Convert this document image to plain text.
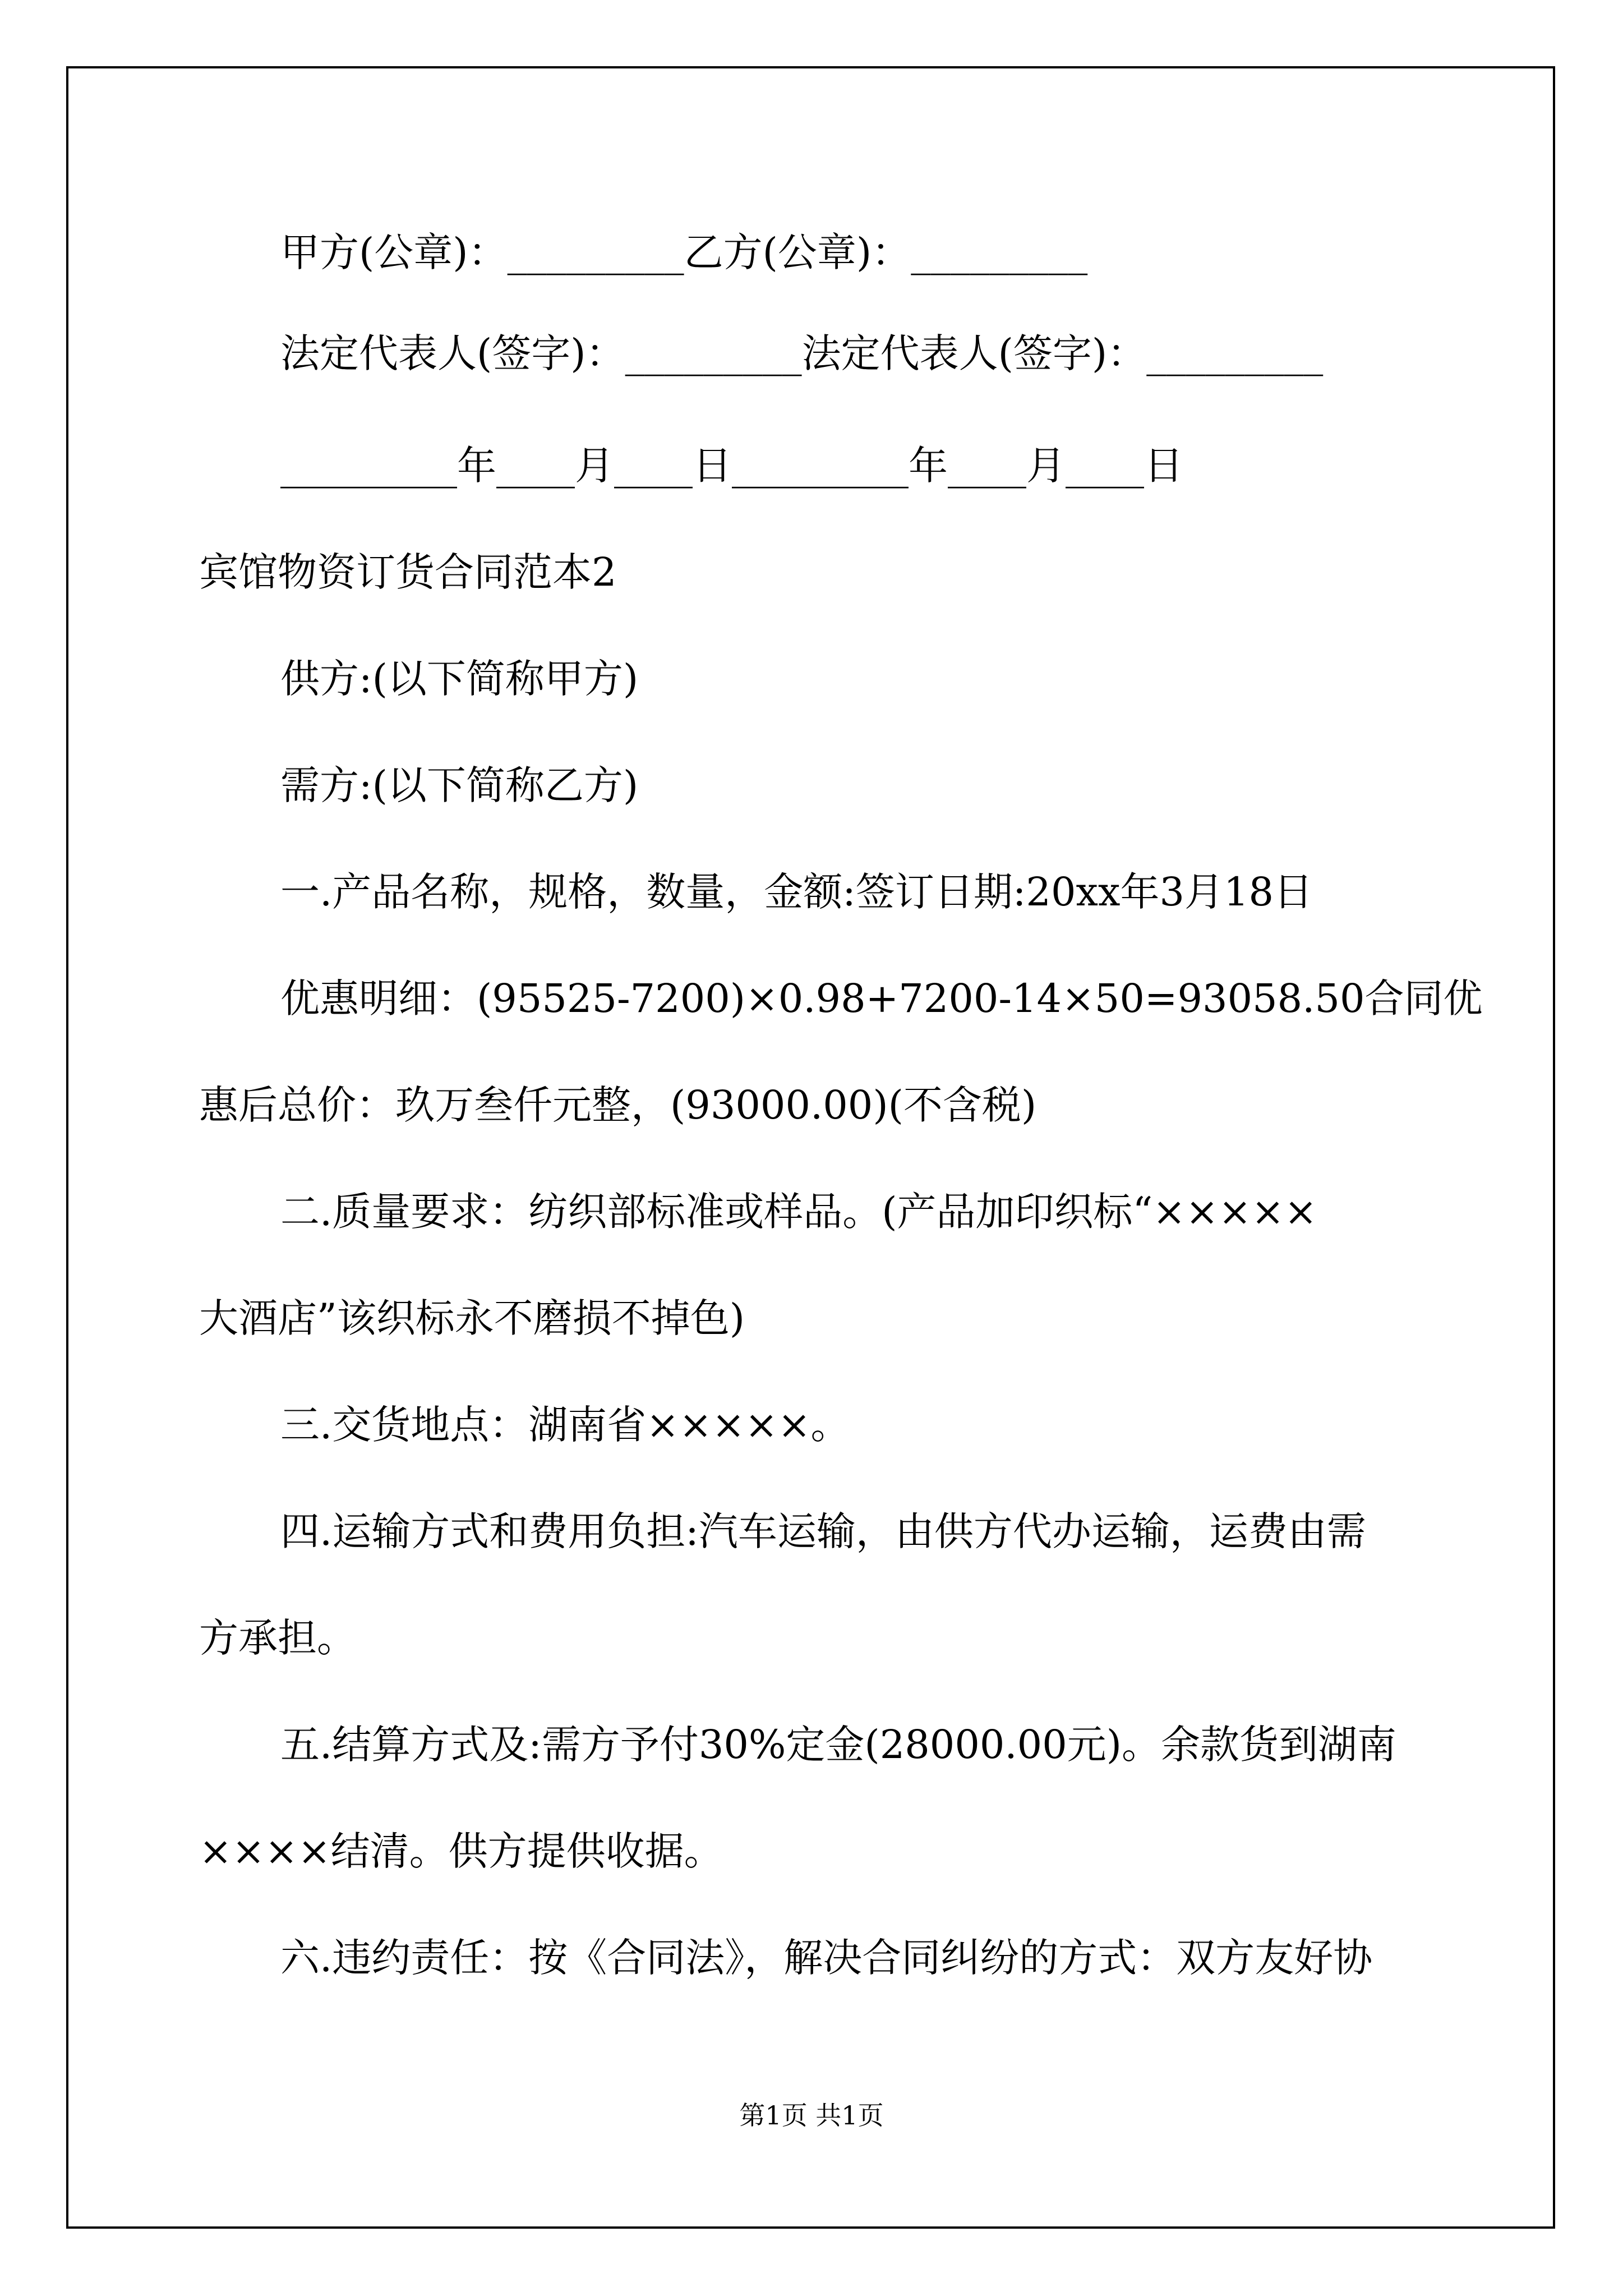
甲方(公章)：_________乙方(公章)：_________

法定代表人(签字)：_________法定代表人(签字)：_________

_________年____月____日_________年____月____日

宾馆物资订货合同范本2

供方:(以下简称甲方)

需方:(以下简称乙方)

一.产品名称，规格，数量，金额:签订日期:20xx年3月18日

优惠明细：(95525-7200)×0.98+7200-14×50=93058.50合同优

惠后总价：玖万叁仟元整，(93000.00)(不含税)

二.质量要求：纺织部标准或样品。(产品加印织标“×××××

大酒店”该织标永不磨损不掉色)

三.交货地点：湖南省×××××。

四.运输方式和费用负担:汽车运输，由供方代办运输，运费由需

方承担。

五.结算方式及:需方予付30%定金(28000.00元)。余款货到湖南

××××结清。供方提供收据。

六.违约责任：按《合同法》，解决合同纠纷的方式：双方友好协

第1页 共1页
